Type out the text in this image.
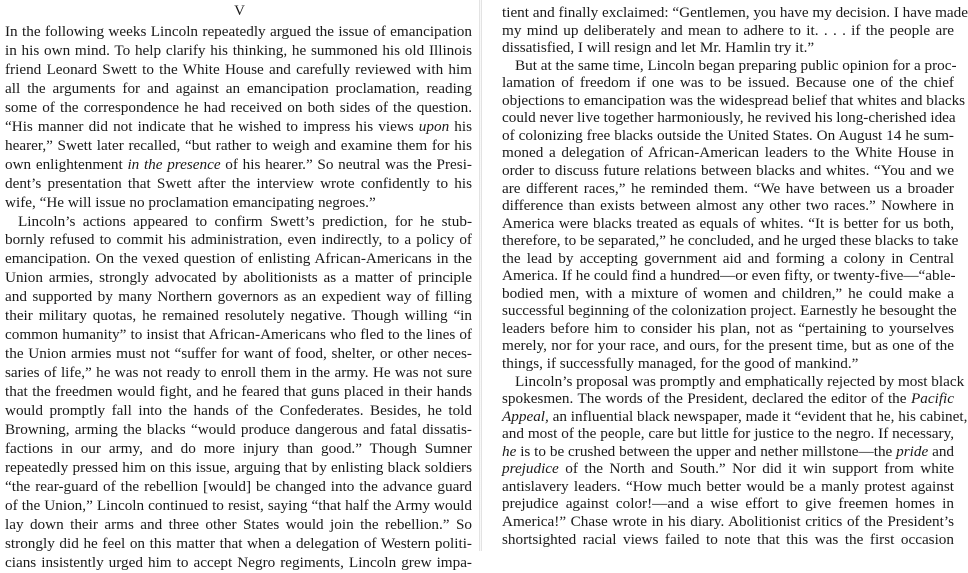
V
In the following weeks Lincoln repeatedly argued the issue of emancipation
in his own mind. To help clarify his thinking, he summoned his old Illinois
friend Leonard Swett to the White House and carefully reviewed with him
all the arguments for and against an emancipation proclamation, reading
some of the correspondence he had received on both sides of the question.
“His manner did not indicate that he wished to impress his views upon his
hearer,” Swett later recalled, “but rather to weigh and examine them for his
own enlightenment in the presence of his hearer.” So neutral was the Presi-
dent’s presentation that Swett after the interview wrote confidently to his
wife, “He will issue no proclamation emancipating negroes.”
Lincoln’s actions appeared to confirm Swett’s prediction, for he stub-
bornly refused to commit his administration, even indirectly, to a policy of
emancipation. On the vexed question of enlisting African-Americans in the
Union armies, strongly advocated by abolitionists as a matter of principle
and supported by many Northern governors as an expedient way of filling
their military quotas, he remained resolutely negative. Though willing “in
common humanity” to insist that African-Americans who fled to the lines of
the Union armies must not “suffer for want of food, shelter, or other neces-
saries of life,” he was not ready to enroll them in the army. He was not sure
that the freedmen would fight, and he feared that guns placed in their hands
would promptly fall into the hands of the Confederates. Besides, he told
Browning, arming the blacks “would produce dangerous and fatal dissatis-
factions in our army, and do more injury than good.” Though Sumner
repeatedly pressed him on this issue, arguing that by enlisting black soldiers
“the rear-guard of the rebellion [would] be changed into the advance guard
of the Union,” Lincoln continued to resist, saying “that half the Army would
lay down their arms and three other States would join the rebellion.” So
strongly did he feel on this matter that when a delegation of Western politi-
cians insistently urged him to accept Negro regiments, Lincoln grew impa-
tient and finally exclaimed: “Gentlemen, you have my decision. I have made
my mind up deliberately and mean to adhere to it. . . . if the people are
dissatisfied, I will resign and let Mr. Hamlin try it.”
But at the same time, Lincoln began preparing public opinion for a proc-
lamation of freedom if one was to be issued. Because one of the chief
objections to emancipation was the widespread belief that whites and blacks
could never live together harmoniously, he revived his long-cherished idea
of colonizing free blacks outside the United States. On August 14 he sum-
moned a delegation of African-American leaders to the White House in
order to discuss future relations between blacks and whites. “You and we
are different races,” he reminded them. “We have between us a broader
difference than exists between almost any other two races.” Nowhere in
America were blacks treated as equals of whites. “It is better for us both,
therefore, to be separated,” he concluded, and he urged these blacks to take
the lead by accepting government aid and forming a colony in Central
America. If he could find a hundred—or even fifty, or twenty-five—“able-
bodied men, with a mixture of women and children,” he could make a
successful beginning of the colonization project. Earnestly he besought the
leaders before him to consider his plan, not as “pertaining to yourselves
merely, nor for your race, and ours, for the present time, but as one of the
things, if successfully managed, for the good of mankind.”
Lincoln’s proposal was promptly and emphatically rejected by most black
spokesmen. The words of the President, declared the editor of the Pacific
Appeal, an influential black newspaper, made it “evident that he, his cabinet,
and most of the people, care but little for justice to the negro. If necessary,
he is to be crushed between the upper and nether millstone—the pride and
prejudice of the North and South.” Nor did it win support from white
antislavery leaders. “How much better would be a manly protest against
prejudice against color!—and a wise effort to give freemen homes in
America!” Chase wrote in his diary. Abolitionist critics of the President’s
shortsighted racial views failed to note that this was the first occasion
